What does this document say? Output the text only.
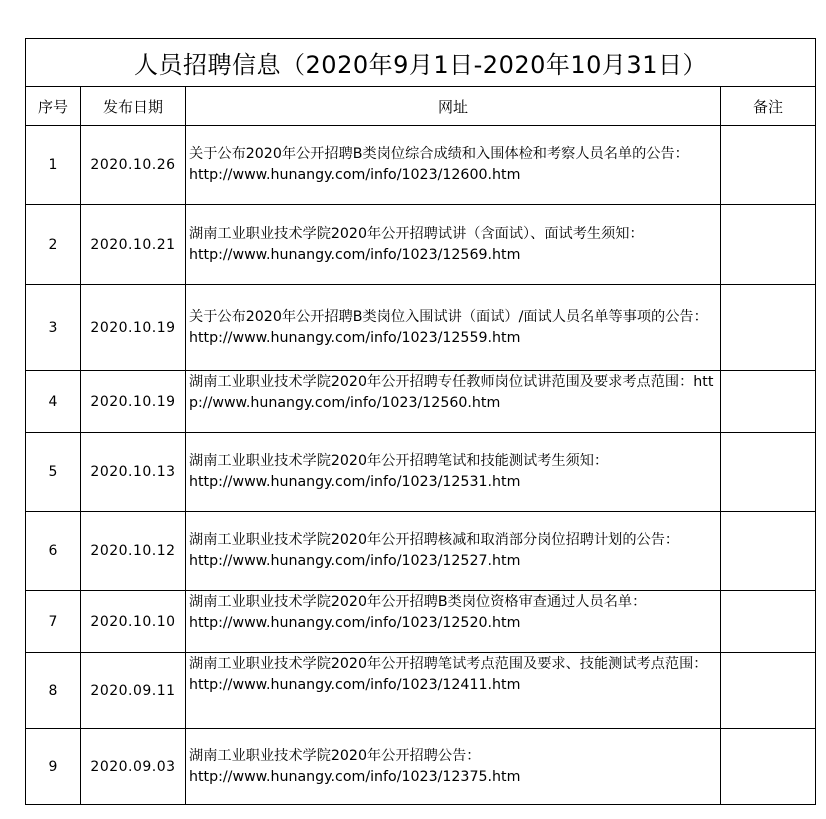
人员招聘信息（2020年9月1日-2020年10月31日）			
序号	发布日期	网址	备注
1	2020.10.26	关于公布2020年公开招聘B类岗位综合成绩和入围体检和考察人员名单的公告：
http://www.hunangy.com/info/1023/12600.htm	
2	2020.10.21	湖南工业职业技术学院2020年公开招聘试讲（含面试）、面试考生须知：
http://www.hunangy.com/info/1023/12569.htm	
3	2020.10.19	关于公布2020年公开招聘B类岗位入围试讲（面试）/面试人员名单等事项的公告：http://www.hunangy.com/info/1023/12559.htm	
4	2020.10.19	湖南工业职业技术学院2020年公开招聘专任教师岗位试讲范围及要求考点范围：http://www.hunangy.com/info/1023/12560.htm	
5	2020.10.13	湖南工业职业技术学院2020年公开招聘笔试和技能测试考生须知：
http://www.hunangy.com/info/1023/12531.htm	
6	2020.10.12	湖南工业职业技术学院2020年公开招聘核减和取消部分岗位招聘计划的公告：
http://www.hunangy.com/info/1023/12527.htm	
7	2020.10.10	湖南工业职业技术学院2020年公开招聘B类岗位资格审查通过人员名单：
http://www.hunangy.com/info/1023/12520.htm	
8	2020.09.11	湖南工业职业技术学院2020年公开招聘笔试考点范围及要求、技能测试考点范围：http://www.hunangy.com/info/1023/12411.htm	
9	2020.09.03	湖南工业职业技术学院2020年公开招聘公告：
http://www.hunangy.com/info/1023/12375.htm	
